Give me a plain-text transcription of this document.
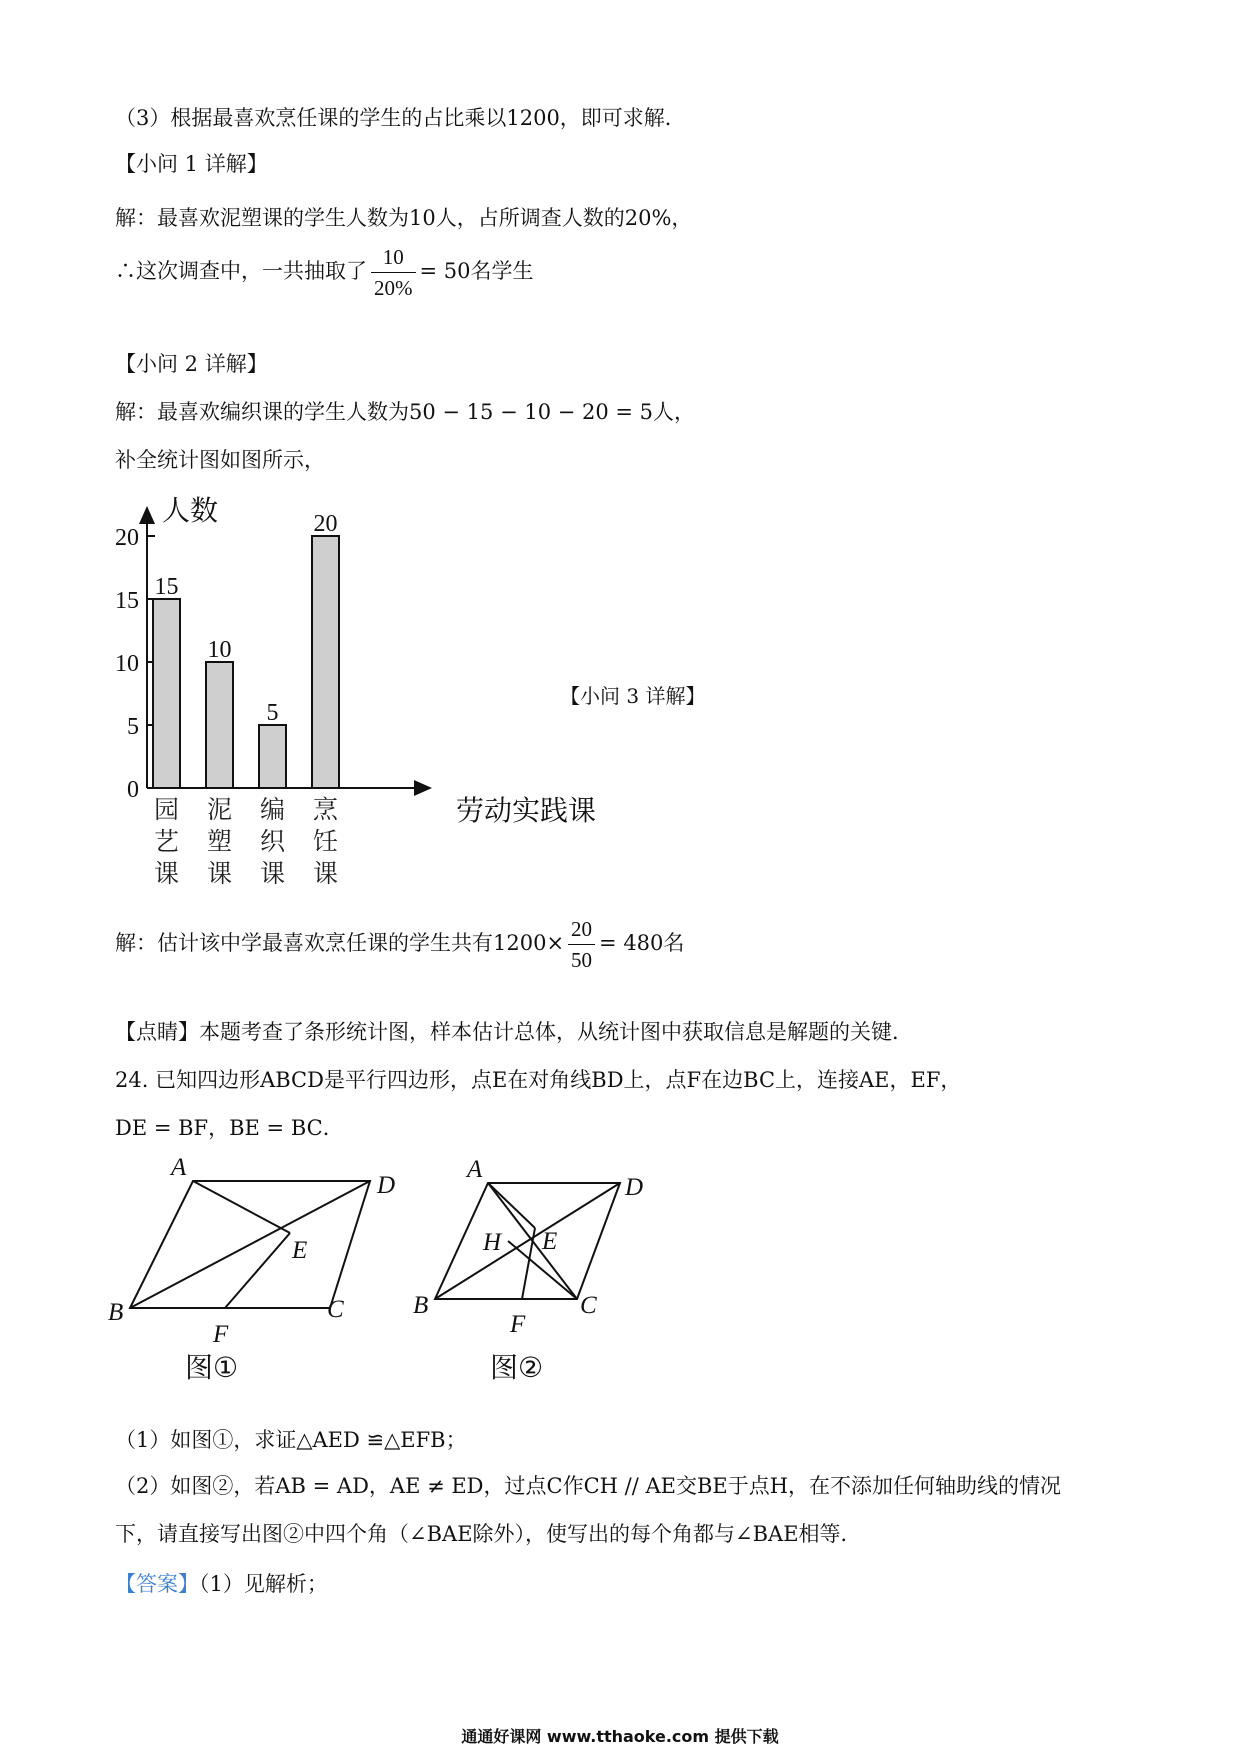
（3）根据最喜欢烹任课的学生的占比乘以1200，即可求解．
【小问 1 详解】
解：最喜欢泥塑课的学生人数为10人，占所调查人数的20%，
∴这次调查中，一共抽取了 $\frac{10}{20\%} = 50$名学生
【小问 2 详解】
解：最喜欢编织课的学生人数为50 − 15 − 10 − 20 = 5人，
补全统计图如图所示，
人数
劳动实践课
0
5
10
15
20
15
园艺课
10
泥塑课
5
编织课
20
烹饪课
【小问 3 详解】
解：估计该中学最喜欢烹任课的学生共有$1200\times \frac{20}{50} = 480$名
【点睛】本题考查了条形统计图，样本估计总体，从统计图中获取信息是解题的关键．
24. 已知四边形ABCD是平行四边形，点E在对角线BD上，点F在边BC上，连接AE，EF，
DE = BF，BE = BC．
A
D
E
B	C
F
图①
A
D
H E
B	C
F
图②
（1）如图①，求证△AED ≌△EFB；
（2）如图②，若AB = AD，AE ≠ ED，过点C作CH // AE交BE于点H，在不添加任何轴助线的情况
下，请直接写出图②中四个角（∠BAE除外），使写出的每个角都与∠BAE相等．
【答案】（1）见解析；
通通好课网 www.tthaoke.com 提供下载
